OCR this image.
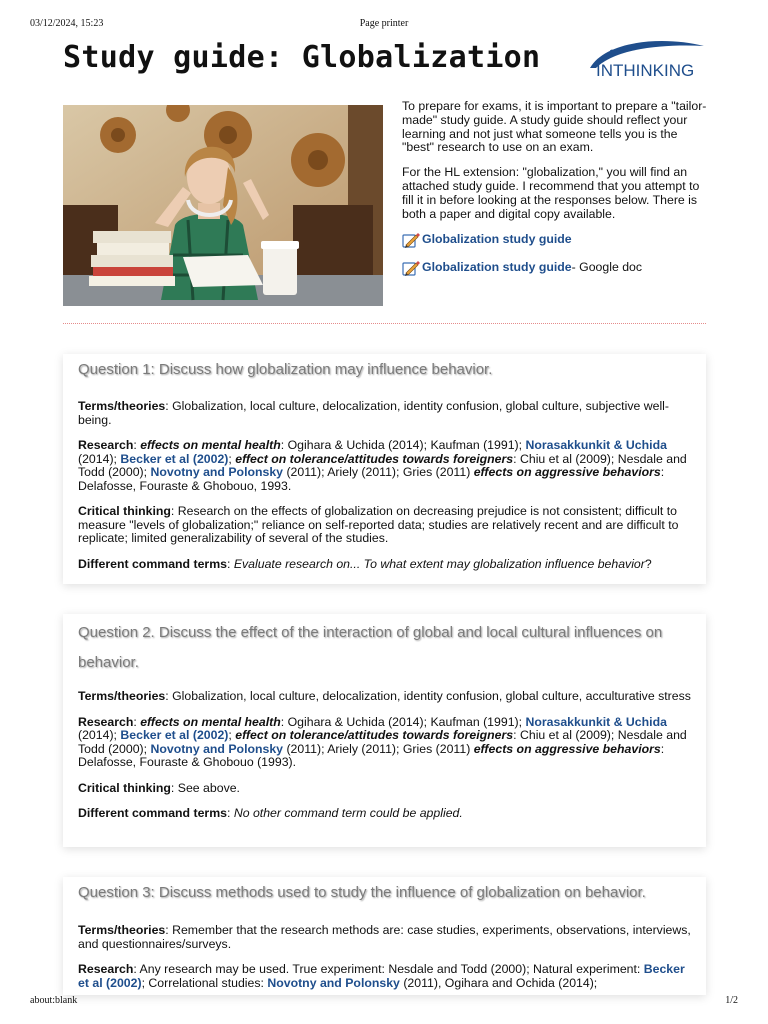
03/12/2024, 15:23	Page printer
Study guide: Globalization	INTHINKING

To prepare for exams, it is important to prepare a "tailor-made" study guide. A study guide should reflect your learning and not just what someone tells you is the "best" research to use on an exam.

For the HL extension: "globalization," you will find an attached study guide. I recommend that you attempt to fill it in before looking at the responses below. There is both a paper and digital copy available.

Globalization study guide
Globalization study guide - Google doc
Question 1: Discuss how globalization may influence behavior.

Terms/theories: Globalization, local culture, delocalization, identity confusion, global culture, subjective well-being.

Research: effects on mental health: Ogihara & Uchida (2014); Kaufman (1991); Norasakkunkit & Uchida (2014); Becker et al (2002); effect on tolerance/attitudes towards foreigners: Chiu et al (2009); Nesdale and Todd (2000); Novotny and Polonsky (2011); Ariely (2011); Gries (2011) effects on aggressive behaviors: Delafosse, Fouraste & Ghobouo, 1993.

Critical thinking: Research on the effects of globalization on decreasing prejudice is not consistent; difficult to measure "levels of globalization;" reliance on self-reported data; studies are relatively recent and are difficult to replicate; limited generalizability of several of the studies.

Different command terms: Evaluate research on... To what extent may globalization influence behavior?

Question 2. Discuss the effect of the interaction of global and local cultural influences on behavior.

Terms/theories: Globalization, local culture, delocalization, identity confusion, global culture, acculturative stress

Research: effects on mental health: Ogihara & Uchida (2014); Kaufman (1991); Norasakkunkit & Uchida (2014); Becker et al (2002); effect on tolerance/attitudes towards foreigners: Chiu et al (2009); Nesdale and Todd (2000); Novotny and Polonsky (2011); Ariely (2011); Gries (2011) effects on aggressive behaviors: Delafosse, Fouraste & Ghobouo (1993).

Critical thinking: See above.

Different command terms: No other command term could be applied.

Question 3: Discuss methods used to study the influence of globalization on behavior.

Terms/theories: Remember that the research methods are: case studies, experiments, observations, interviews, and questionnaires/surveys.

Research: Any research may be used. True experiment: Nesdale and Todd (2000); Natural experiment: Becker et al (2002); Correlational studies: Novotny and Polonsky (2011), Ogihara and Ochida (2014);

about:blank	1/2
